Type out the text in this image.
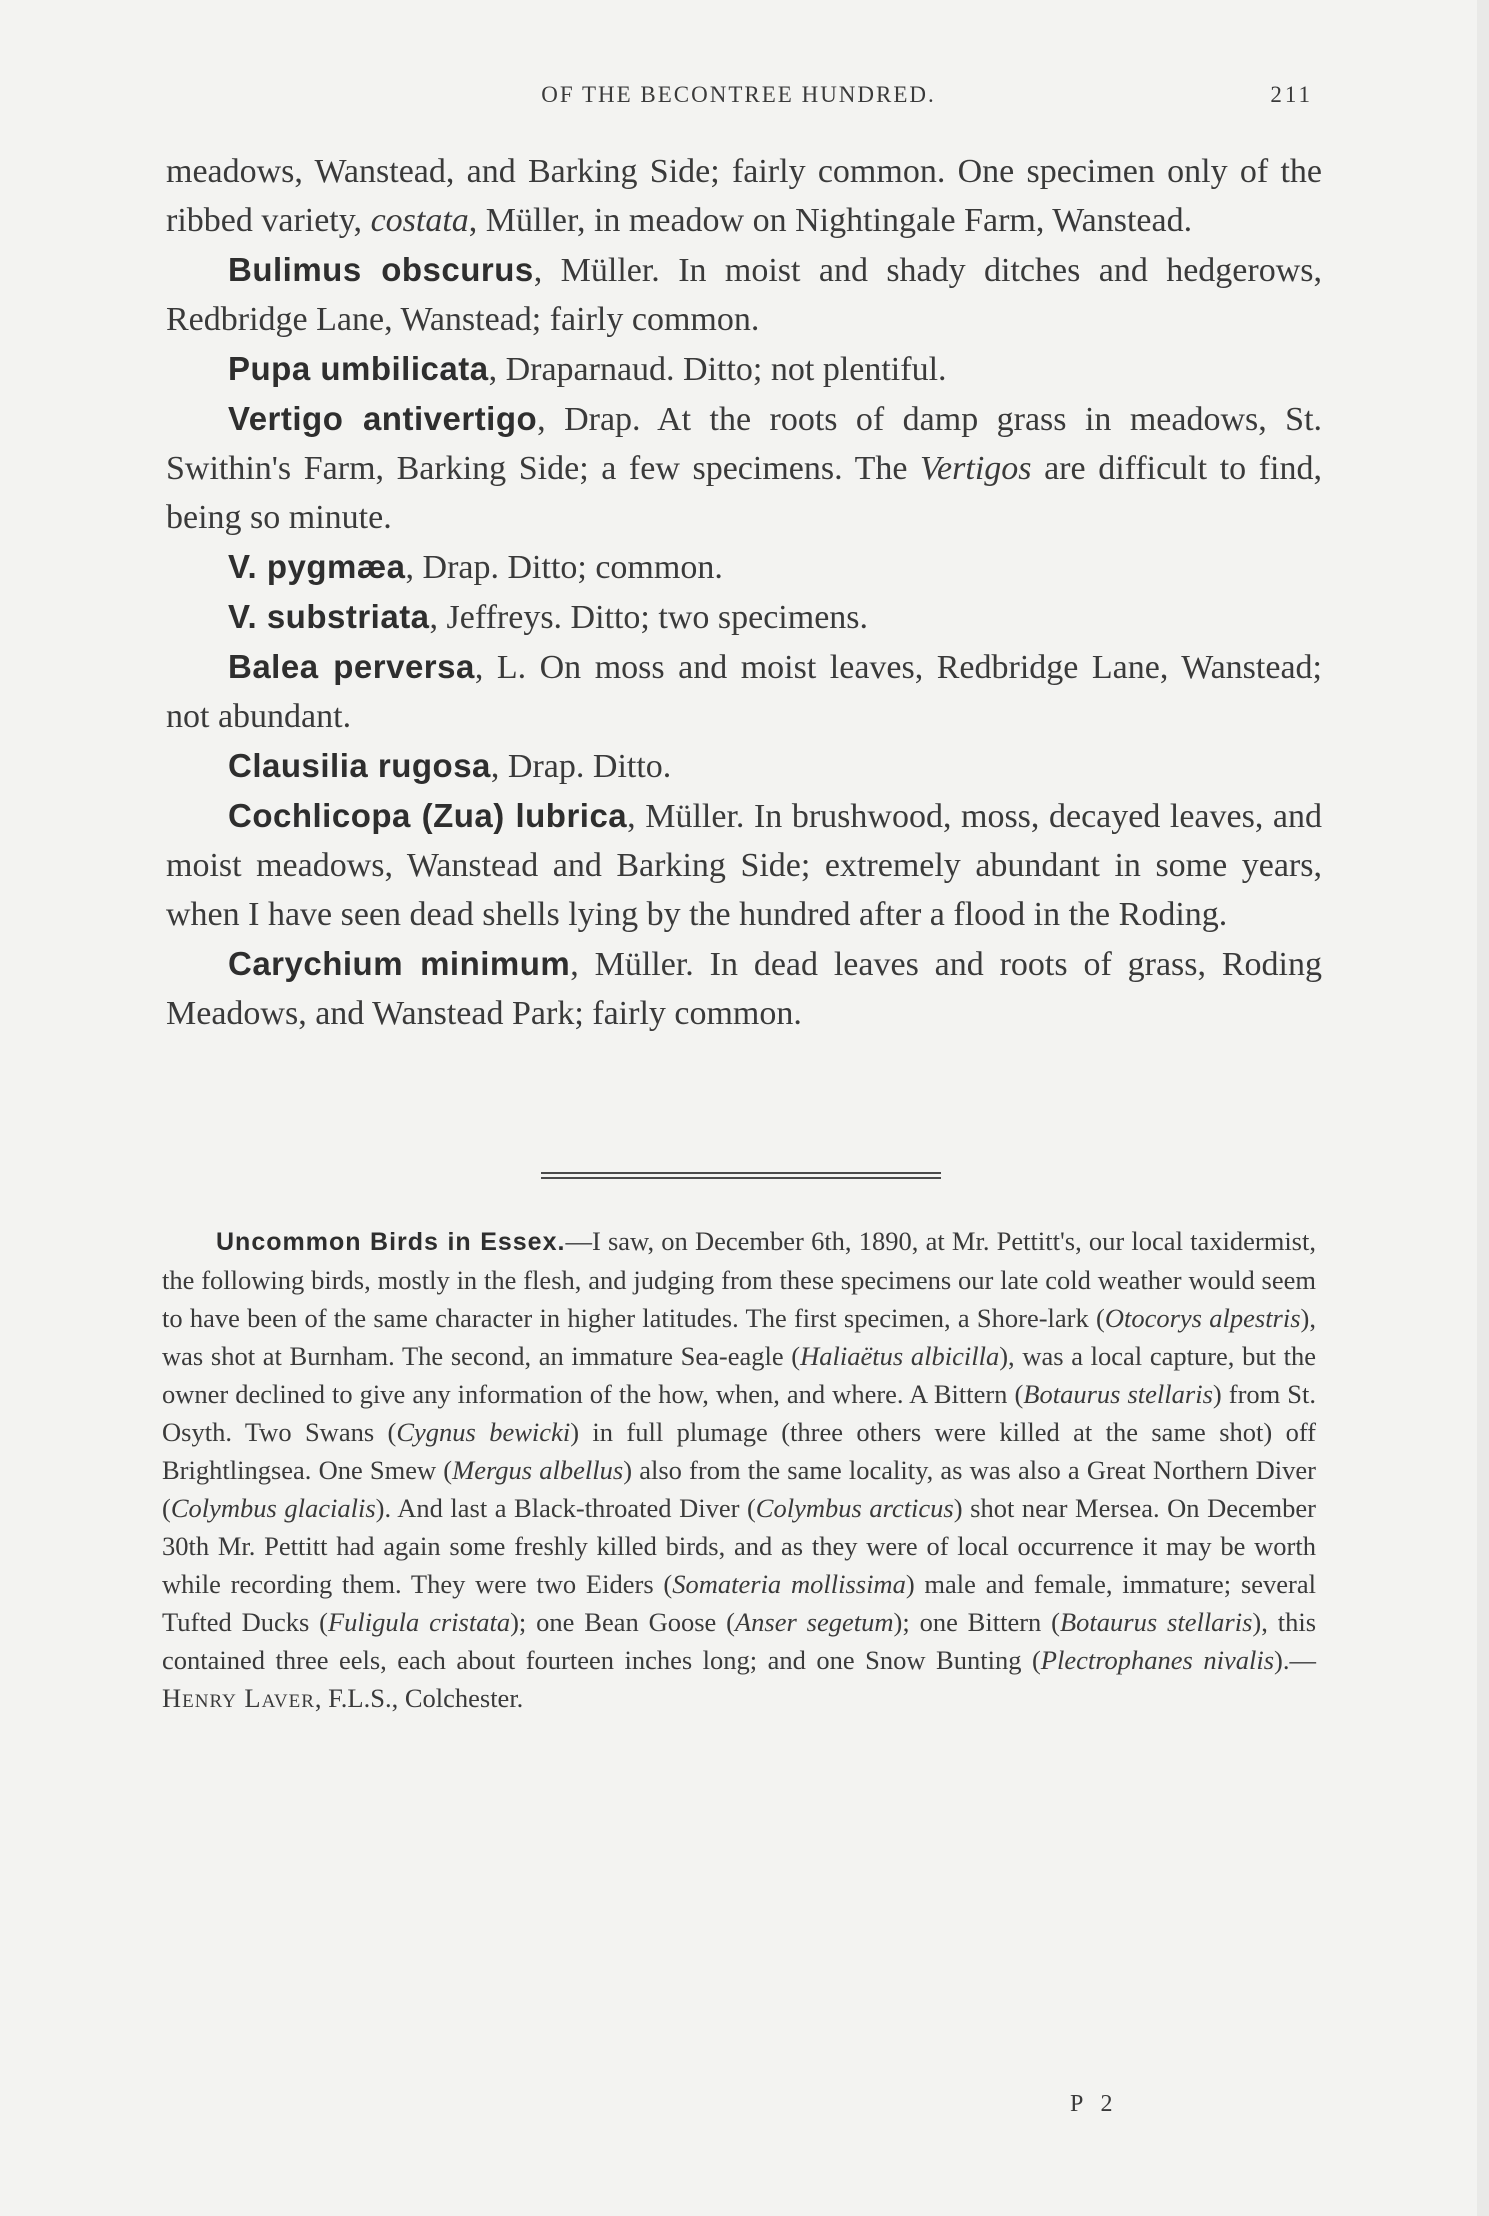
OF THE BECONTREE HUNDRED.	211

meadows, Wanstead, and Barking Side; fairly common. One specimen only of the ribbed variety, costata, Müller, in meadow on Nightingale Farm, Wanstead.

Bulimus obscurus, Müller. In moist and shady ditches and hedgerows, Redbridge Lane, Wanstead; fairly common.

Pupa umbilicata, Draparnaud. Ditto; not plentiful.

Vertigo antivertigo, Drap. At the roots of damp grass in meadows, St. Swithin's Farm, Barking Side; a few specimens. The Vertigos are difficult to find, being so minute.

V. pygmæa, Drap. Ditto; common.

V. substriata, Jeffreys. Ditto; two specimens.

Balea perversa, L. On moss and moist leaves, Redbridge Lane, Wanstead; not abundant.

Clausilia rugosa, Drap. Ditto.

Cochlicopa (Zua) lubrica, Müller. In brushwood, moss, decayed leaves, and moist meadows, Wanstead and Barking Side; extremely abundant in some years, when I have seen dead shells lying by the hundred after a flood in the Roding.

Carychium minimum, Müller. In dead leaves and roots of grass, Roding Meadows, and Wanstead Park; fairly common.

Uncommon Birds in Essex.—I saw, on December 6th, 1890, at Mr. Pettitt's, our local taxidermist, the following birds, mostly in the flesh, and judging from these specimens our late cold weather would seem to have been of the same character in higher latitudes. The first specimen, a Shore-lark (Otocorys alpestris), was shot at Burnham. The second, an immature Sea-eagle (Haliaëtus albicilla), was a local capture, but the owner declined to give any information of the how, when, and where. A Bittern (Botaurus stellaris) from St. Osyth. Two Swans (Cygnus bewicki) in full plumage (three others were killed at the same shot) off Brightlingsea. One Smew (Mergus albellus) also from the same locality, as was also a Great Northern Diver (Colymbus glacialis). And last a Black-throated Diver (Colymbus arcticus) shot near Mersea. On December 30th Mr. Pettitt had again some freshly killed birds, and as they were of local occurrence it may be worth while recording them. They were two Eiders (Somateria mollissima) male and female, immature; several Tufted Ducks (Fuligula cristata); one Bean Goose (Anser segetum); one Bittern (Botaurus stellaris), this contained three eels, each about fourteen inches long; and one Snow Bunting (Plectrophanes nivalis).—Henry Laver, F.L.S., Colchester.

P 2
